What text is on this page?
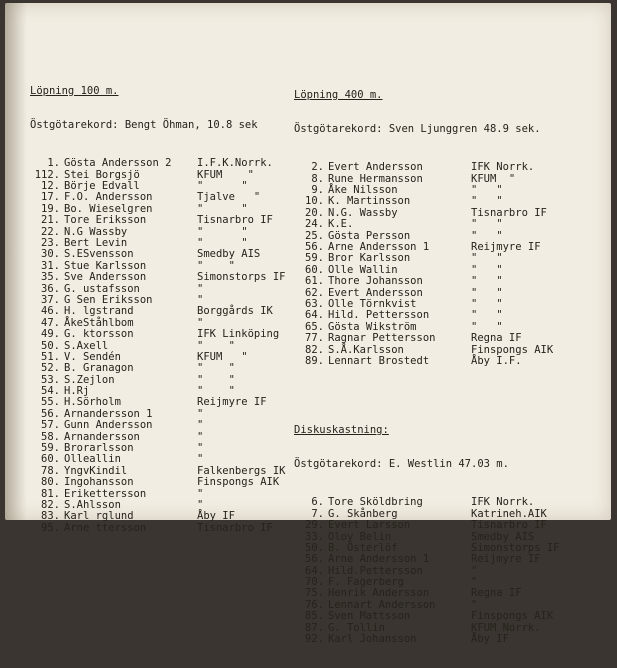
Löpning 100 m.

Östgötarekord: Bengt Öhman, 10.8 sek

1. Gösta Andersson 2 I.F.K.Norrk.
112. Stei Borgsjö	KFUM    "
12. Börje Edvall	"      "
17. F.O. Andersson	Tjalve   "
19. Bo. Wieselgren	"      "
21. Tore Eriksson	Tisnarbro IF
22. N.G Wassby	"      "
23. Bert Levin	"      "
30. S.ESvensson	Smedby AIS
31. Stue Karlsson	"    "
35. Sve Andersson	Simonstorps IF
36. G. ustafsson	"
37. G Sen Eriksson	"
46. H. lgstrand	Borggårds IK
47. ÅkeStåhlbom	"
49. G. ktorsson	IFK Linköping
50. S.Axell	"    "
51. V. Sendén	KFUM   "
52. B. Granagon	"    "
53. S.Zejlon	"    "
54. H.Rj	"    "
55. H.Sörholm	Reijmyre IF
56. Arnandersson 1	"
57. Gunn Andersson	"
58. Arnandersson	"
59. Brorarlsson	"
60. Olleallin	"
78. YngvKindil	Falkenbergs IK
80. Ingohansson	Finspongs AIK
81. Erikettersson	"
82. S.Ahlsson	"
83. Karl rglund	Åby IF
95. Arne ttersson	Tisnarbro IF

Löpning 400 m.

Östgötarekord: Sven Ljunggren 48.9 sek.

2. Evert Andersson	IFK Norrk.
8. Rune Hermansson	KFUM  "
9. Åke Nilsson	"   "
10. K. Martinsson	"   "
20. N.G. Wassby	Tisnarbro IF
24. K.E.	"   "
25. Gösta Persson	"   "
56. Arne Andersson 1	Reijmyre IF
59. Bror Karlsson	"   "
60. Olle Wallin	"   "
61. Thore Johansson	"   "
62. Evert Andersson	"   "
63. Olle Törnkvist	"   "
64. Hild. Pettersson	"   "
65. Gösta Wikström	"   "
77. Ragnar Pettersson	Regna IF
82. S.Å.Karlsson	Finspongs AIK
89. Lennart Brostedt	Åby I.F.

Diskuskastning:

Östgötarekord: E. Westlin 47.03 m.

6. Tore Sköldbring	IFK Norrk.
7. G. Skånberg	Katrineh.AIK
29. Evert Larsson	Tisnarbro IF
33. Oloy Belin	Smedby AIS
50. B. Österlöf	Simonstorps IF
56. Arne Andersson 1	Reijmyre IF
64. Hild.Pettersson	"
70. F. Fagerberg	"
75. Henrik Andersson	Regna IF
76. Lennart Andersson	"
85. Sven Mattsson	Finspongs AIK
87. G. Tollin	KFUM Norrk.
92. Karl Johansson	Åby IF
